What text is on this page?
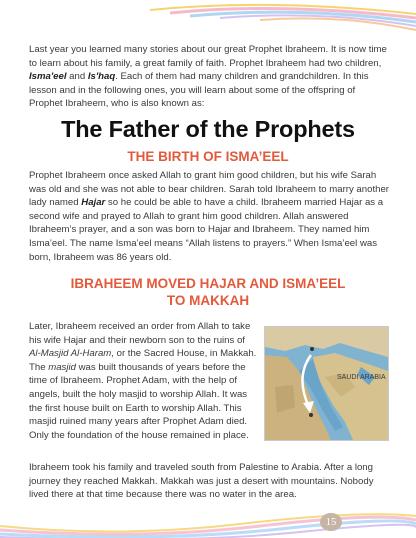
Last year you learned many stories about our great Prophet Ibraheem. It is now time to learn about his family, a great family of faith. Prophet Ibraheem had two children, Isma'eel and Is'haq. Each of them had many children and grandchildren. In this lesson and in the following ones, you will learn about some of the offspring of Prophet Ibraheem, who is also known as:

The Father of the Prophets
THE BIRTH OF ISMA’EEL

Prophet Ibraheem once asked Allah to grant him good children, but his wife Sarah was old and she was not able to bear children. Sarah told Ibraheem to marry another lady named Hajar so he could be able to have a child. Ibraheem married Hajar as a second wife and prayed to Allah to grant him good children. Allah answered Ibraheem’s prayer, and a son was born to Hajar and Ibraheem. They named him Isma’eel. The name Isma’eel means “Allah listens to prayers.” When Isma’eel was born, Ibraheem was 86 years old.

IBRAHEEM MOVED HAJAR AND ISMA’EEL
TO MAKKAH

Later, Ibraheem received an order from Allah to take his wife Hajar and their newborn son to the ruins of Al-Masjid Al-Haram, or the Sacred House, in Makkah. The masjid was built thousands of years before the time of Ibraheem. Prophet Adam, with the help of angels, built the holy masjid to worship Allah. It was the first house built on Earth to worship Allah. This masjid ruined many years after Prophet Adam died. Only the foundation of the house remained in place.

SAUDI ARABIA

Ibraheem took his family and traveled south from Palestine to Arabia. After a long journey they reached Makkah. Makkah was just a desert with mountains. Nobody lived there at that time because there was no water in the area.

15
